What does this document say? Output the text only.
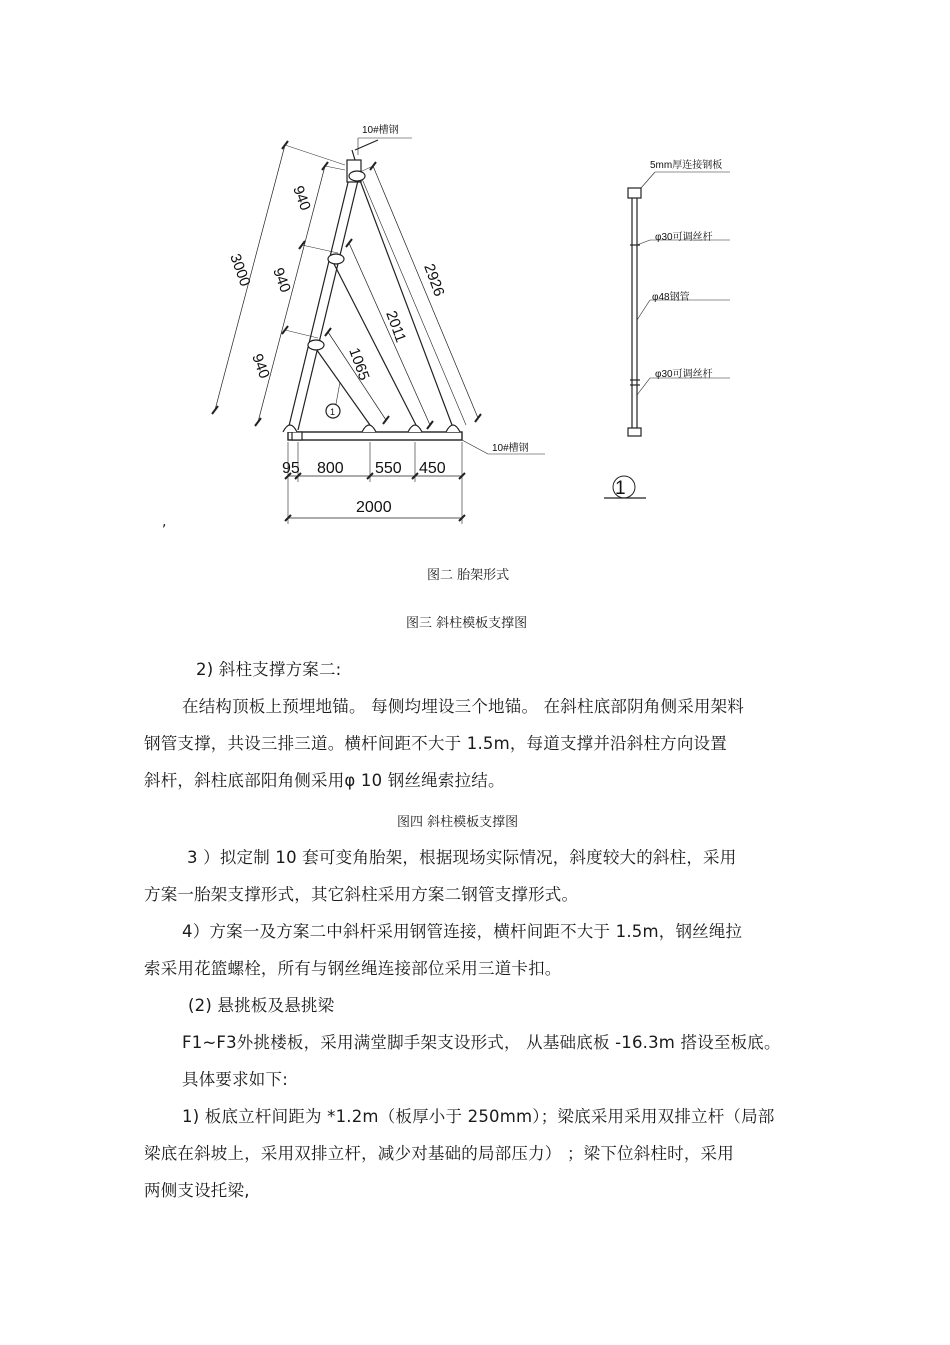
10#槽钢
10#槽钢
940
940
940
3000	2926
2011
1065
1
95 800 550 450
2000
5mm厚连接钢板
φ30可调丝杆
φ48钢管
φ30可调丝杆
1
,
图二 胎架形式
图三 斜柱模板支撑图
2) 斜柱支撑方案二:
在结构顶板上预埋地锚。 每侧均埋设三个地锚。 在斜柱底部阴角侧采用架料
钢管支撑，共设三排三道。横杆间距不大于 1.5m，每道支撑并沿斜柱方向设置
斜杆，斜柱底部阳角侧采用φ 10 钢丝绳索拉结。
图四 斜柱模板支撑图
3 ）拟定制 10 套可变角胎架，根据现场实际情况，斜度较大的斜柱，采用
方案一胎架支撑形式，其它斜柱采用方案二钢管支撑形式。
4）方案一及方案二中斜杆采用钢管连接，横杆间距不大于 1.5m，钢丝绳拉
索采用花篮螺栓，所有与钢丝绳连接部位采用三道卡扣。
(2) 悬挑板及悬挑梁
F1~F3外挑楼板，采用满堂脚手架支设形式， 从基础底板 -16.3m 搭设至板底。
具体要求如下:
1) 板底立杆间距为 *1.2m（板厚小于 250mm）；梁底采用采用双排立杆（局部
梁底在斜坡上，采用双排立杆，减少对基础的局部压力） ；梁下位斜柱时，采用
两侧支设托梁,
